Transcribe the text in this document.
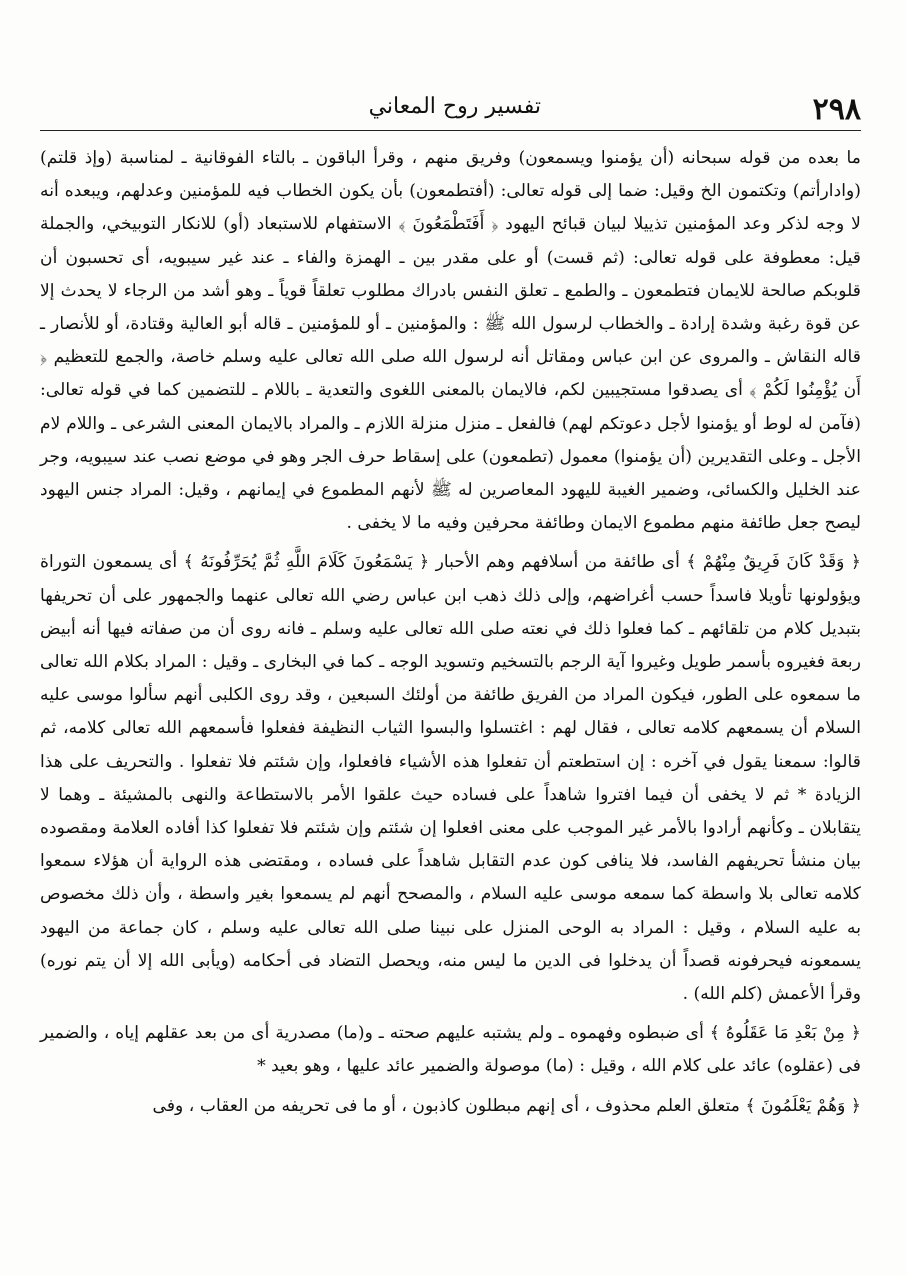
٢٩٨
تفسير روح المعاني

ما بعده من قوله سبحانه (أن يؤمنوا ويسمعون) وفريق منهم ، وقرأ الباقون ـ بالتاء الفوقانية ـ لمناسبة (وإذ قلتم) (وادارأتم) وتكتمون الخ وقيل: ضما إلى قوله تعالى: (أفتطمعون) بأن يكون الخطاب فيه للمؤمنين وعدلهم، ويبعده أنه لا وجه لذكر وعد المؤمنين تذييلا لبيان قبائح اليهود ﴿ أَفَتَطْمَعُونَ ﴾ الاستفهام للاستبعاد (أو) للانكار التوبيخي، والجملة قيل: معطوفة على قوله تعالى: (ثم قست) أو على مقدر بين ـ الهمزة والفاء ـ عند غير سيبويه، أى تحسبون أن قلوبكم صالحة للايمان فتطمعون ـ والطمع ـ تعلق النفس بادراك مطلوب تعلقاً قوياً ـ وهو أشد من الرجاء لا يحدث إلا عن قوة رغبة وشدة إرادة ـ والخطاب لرسول الله ﷺ : والمؤمنين ـ أو للمؤمنين ـ قاله أبو العالية وقتادة، أو للأنصار ـ قاله النقاش ـ والمروى عن ابن عباس ومقاتل أنه لرسول الله صلى الله تعالى عليه وسلم خاصة، والجمع للتعظيم ﴿ أَن يُؤْمِنُوا لَكُمْ ﴾ أى يصدقوا مستجيبين لكم، فالايمان بالمعنى اللغوى والتعدية ـ باللام ـ للتضمين كما في قوله تعالى: (فآمن له لوط أو يؤمنوا لأجل دعوتكم لهم) فالفعل ـ منزل منزلة اللازم ـ والمراد بالايمان المعنى الشرعى ـ واللام لام الأجل ـ وعلى التقديرين (أن يؤمنوا) معمول (تطمعون) على إسقاط حرف الجر وهو في موضع نصب عند سيبويه، وجر عند الخليل والكسائى، وضمير الغيبة لليهود المعاصرين له ﷺ لأنهم المطموع في إيمانهم ، وقيل: المراد جنس اليهود ليصح جعل طائفة منهم مطموع الايمان وطائفة محرفين وفيه ما لا يخفى .

﴿ وَقَدْ كَانَ فَرِيقٌ مِنْهُمْ ﴾ أى طائفة من أسلافهم وهم الأحبار ﴿ يَسْمَعُونَ كَلَامَ اللَّهِ ثُمَّ يُحَرِّفُونَهُ ﴾ أى يسمعون التوراة ويؤولونها تأويلا فاسداً حسب أغراضهم، وإلى ذلك ذهب ابن عباس رضي الله تعالى عنهما والجمهور على أن تحريفها بتبديل كلام من تلقائهم ـ كما فعلوا ذلك في نعته صلى الله تعالى عليه وسلم ـ فانه روى أن من صفاته فيها أنه أبيض ربعة فغيروه بأسمر طويل وغيروا آية الرجم بالتسخيم وتسويد الوجه ـ كما في البخارى ـ وقيل : المراد بكلام الله تعالى ما سمعوه على الطور، فيكون المراد من الفريق طائفة من أولئك السبعين ، وقد روى الكلبى أنهم سألوا موسى عليه السلام أن يسمعهم كلامه تعالى ، فقال لهم : اغتسلوا والبسوا الثياب النظيفة ففعلوا فأسمعهم الله تعالى كلامه، ثم قالوا: سمعنا يقول في آخره : إن استطعتم أن تفعلوا هذه الأشياء فافعلوا، وإن شئتم فلا تفعلوا . والتحريف على هذا الزيادة * ثم لا يخفى أن فيما افتروا شاهداً على فساده حيث علقوا الأمر بالاستطاعة والنهى بالمشيئة ـ وهما لا يتقابلان ـ وكأنهم أرادوا بالأمر غير الموجب على معنى افعلوا إن شئتم وإن شئتم فلا تفعلوا كذا أفاده العلامة ومقصوده بيان منشأ تحريفهم الفاسد، فلا ينافى كون عدم التقابل شاهداً على فساده ، ومقتضى هذه الرواية أن هؤلاء سمعوا كلامه تعالى بلا واسطة كما سمعه موسى عليه السلام ، والمصحح أنهم لم يسمعوا بغير واسطة ، وأن ذلك مخصوص به عليه السلام ، وقيل : المراد به الوحى المنزل على نبينا صلى الله تعالى عليه وسلم ، كان جماعة من اليهود يسمعونه فيحرفونه قصداً أن يدخلوا فى الدين ما ليس منه، ويحصل التضاد فى أحكامه (ويأبى الله إلا أن يتم نوره) وقرأ الأعمش (كلم الله) .

﴿ مِنْ بَعْدِ مَا عَقَلُوهُ ﴾ أى ضبطوه وفهموه ـ ولم يشتبه عليهم صحته ـ و(ما) مصدرية أى من بعد عقلهم إياه ، والضمير فى (عقلوه) عائد على كلام الله ، وقيل : (ما) موصولة والضمير عائد عليها ، وهو بعيد *

﴿ وَهُمْ يَعْلَمُونَ ﴾ متعلق العلم محذوف ، أى إنهم مبطلون كاذبون ، أو ما فى تحريفه من العقاب ، وفى
